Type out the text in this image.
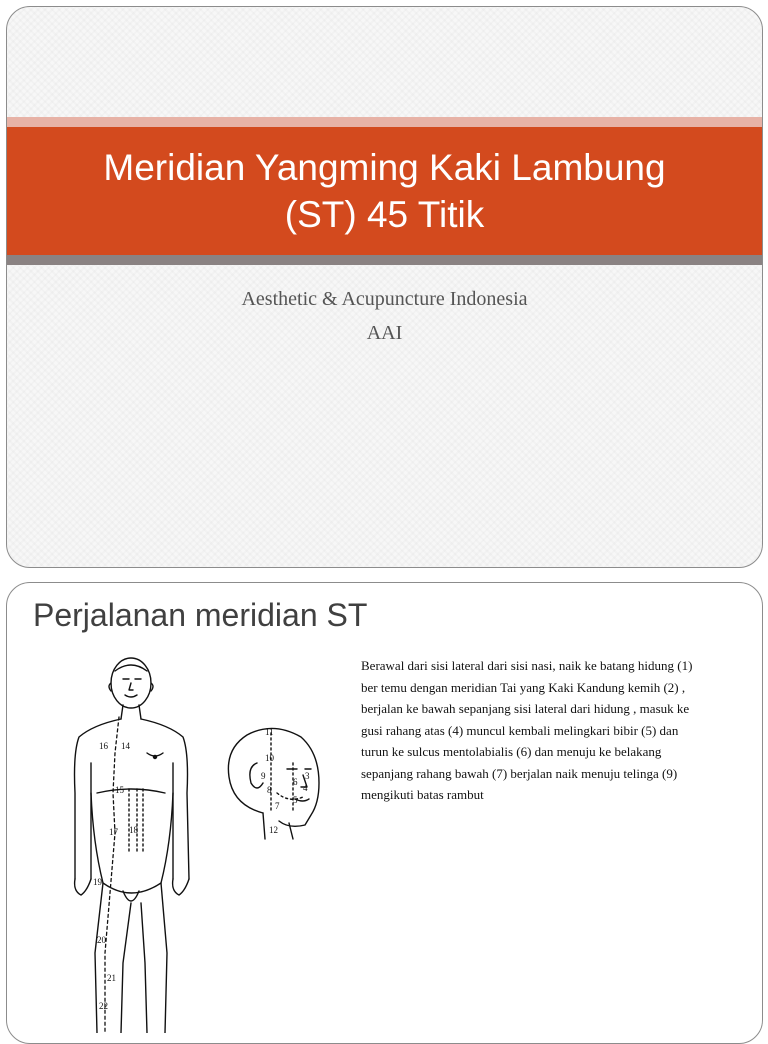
Meridian Yangming Kaki Lambung (ST) 45 Titik
Aesthetic & Acupuncture Indonesia
AAI
Perjalanan meridian ST
16 14
15
17 18
19
20
21
22
11
10
9
8
7
6
5
4
3
12
Berawal dari sisi lateral dari sisi nasi, naik ke batang hidung (1) ber temu dengan meridian Tai yang Kaki Kandung kemih (2) , berjalan ke bawah sepanjang sisi lateral dari hidung , masuk ke gusi rahang atas (4) muncul kembali melingkari bibir (5) dan turun ke sulcus mentolabialis (6) dan menuju ke belakang sepanjang rahang bawah (7) berjalan naik menuju telinga (9) mengikuti batas rambut
